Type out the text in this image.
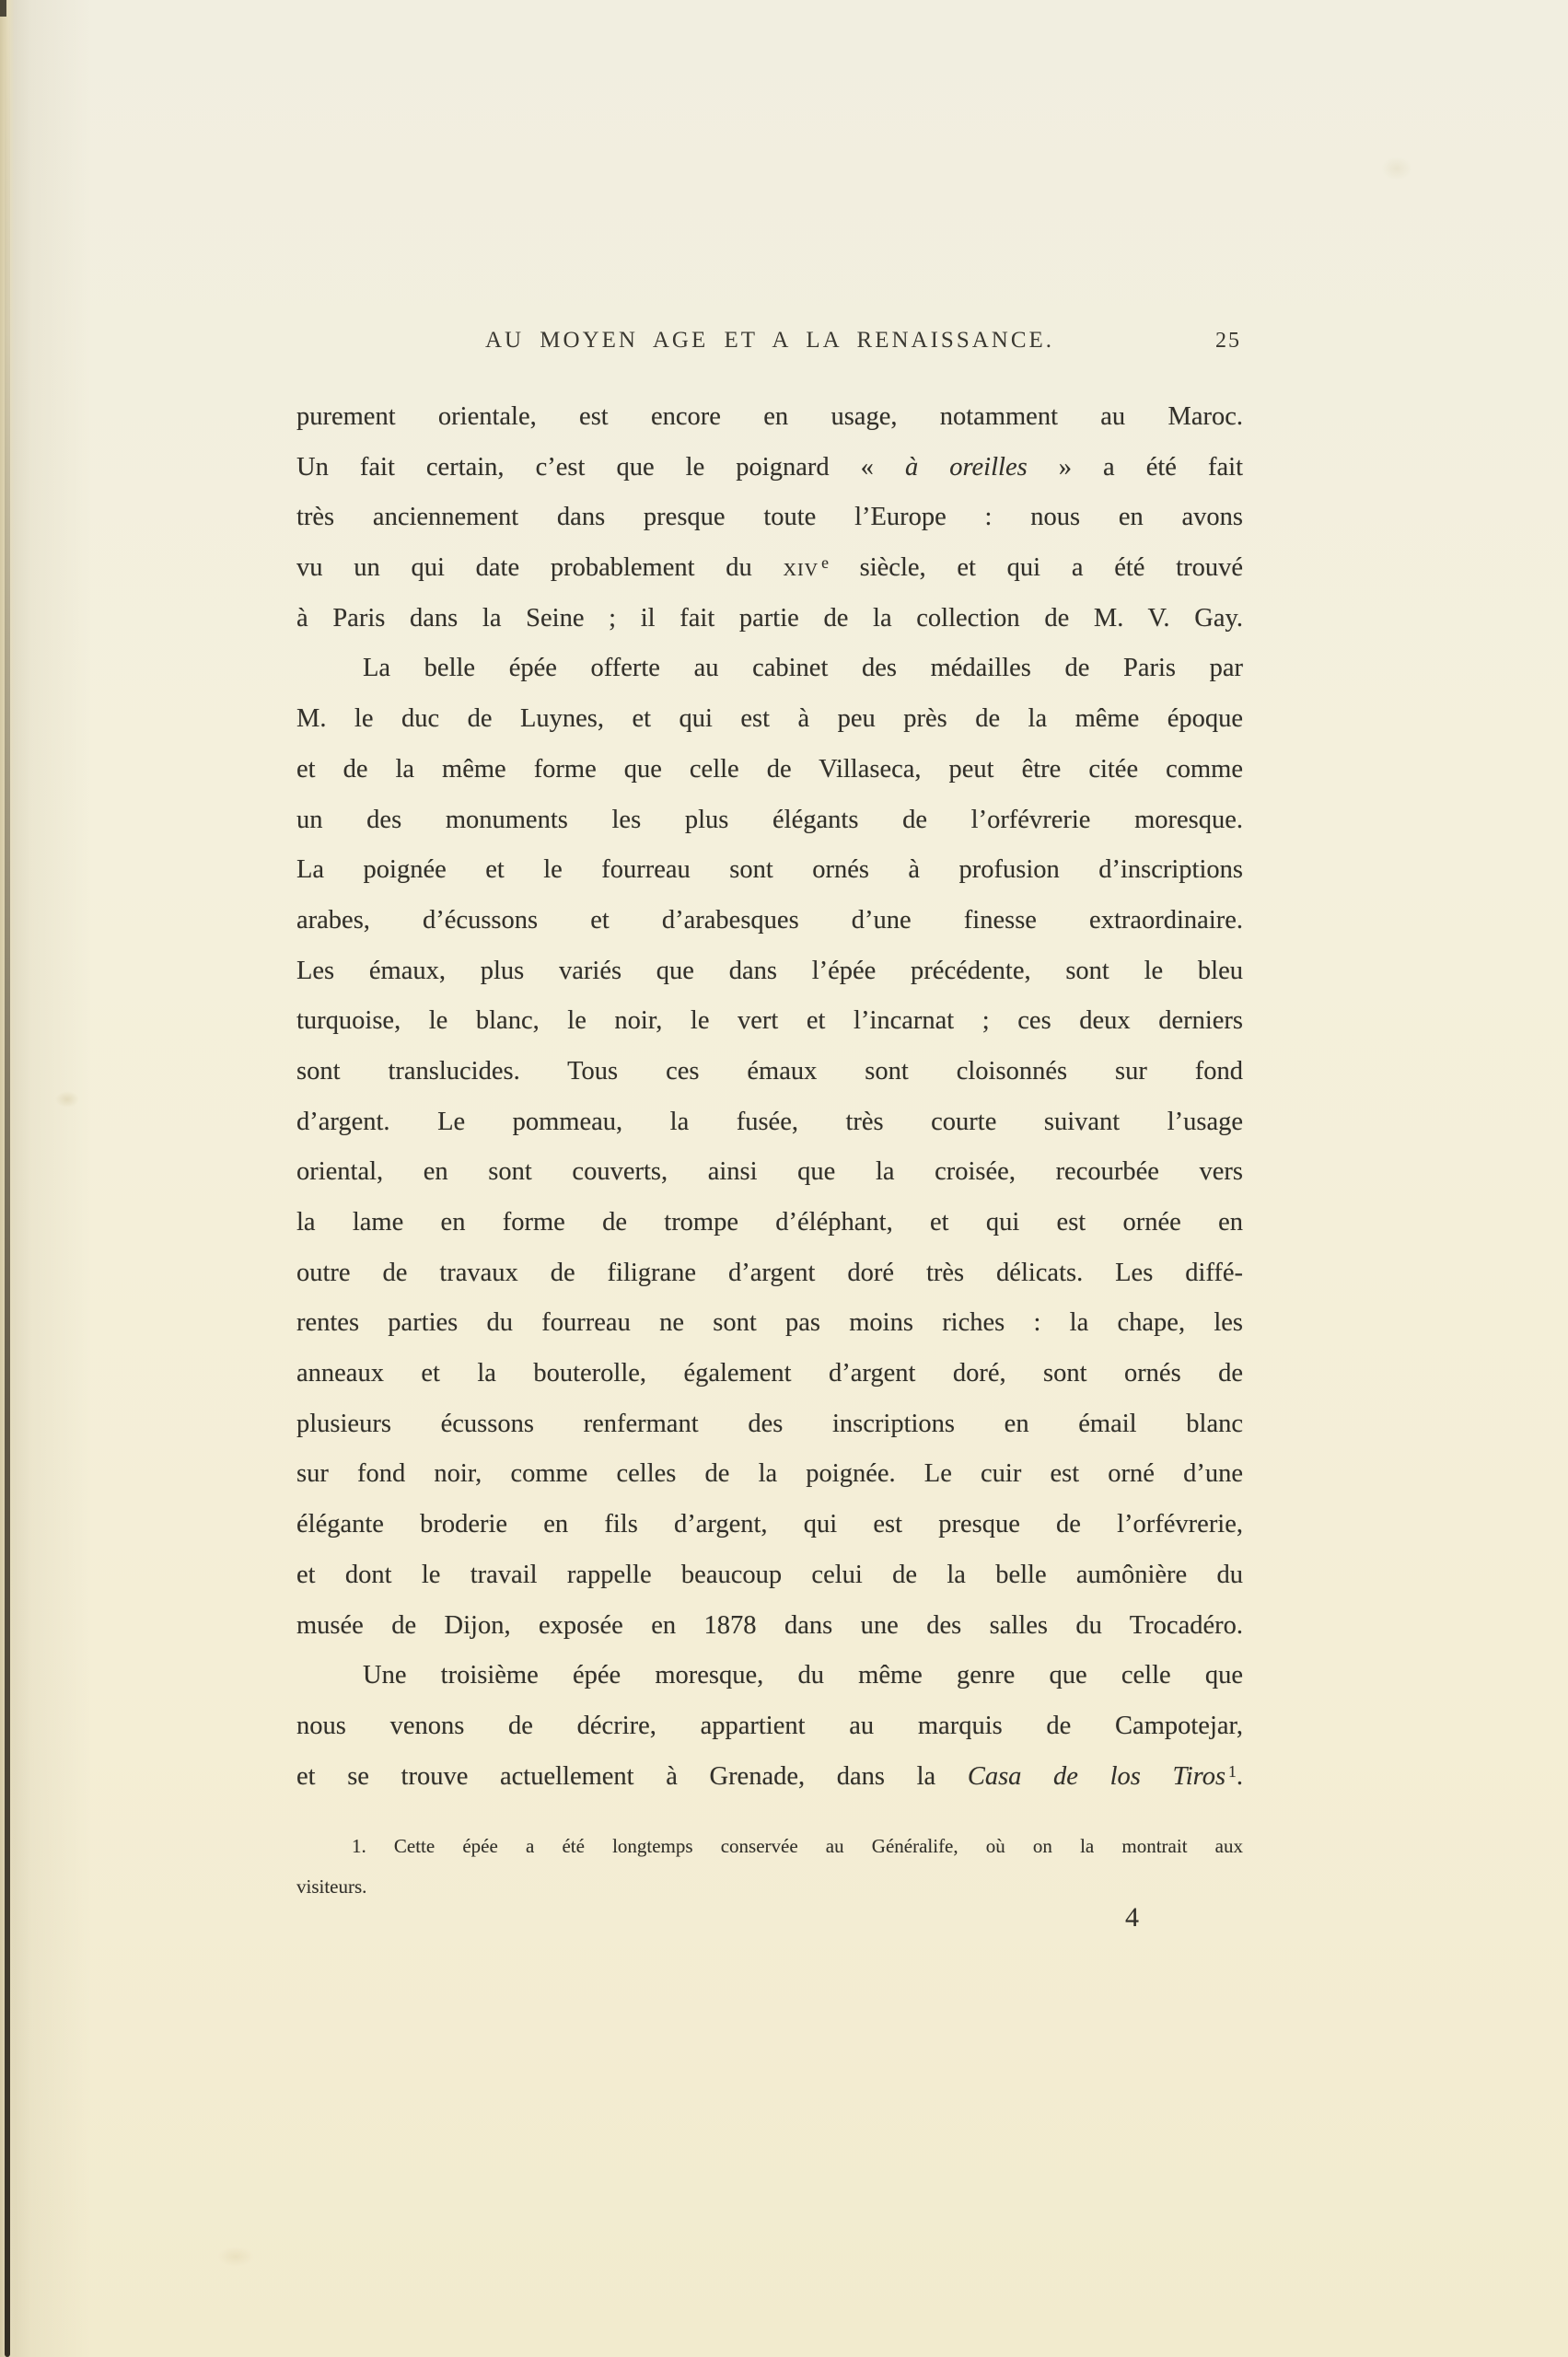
AU MOYEN AGE ET A LA RENAISSANCE.	25
purement orientale, est encore en usage, notamment au Maroc.
Un fait certain, c’est que le poignard « à oreilles » a été fait
très anciennement dans presque toute l’Europe : nous en avons
vu un qui date probablement du xiv $^e$ siècle, et qui a été trouvé
à Paris dans la Seine ; il fait partie de la collection de M. V. Gay.
La belle épée offerte au cabinet des médailles de Paris par
M. le duc de Luynes, et qui est à peu près de la même époque
et de la même forme que celle de Villaseca, peut être citée comme
un des monuments les plus élégants de l’orfévrerie moresque.
La poignée et le fourreau sont ornés à profusion d’inscriptions
arabes, d’écussons et d’arabesques d’une finesse extraordinaire.
Les émaux, plus variés que dans l’épée précédente, sont le bleu
turquoise, le blanc, le noir, le vert et l’incarnat ; ces deux derniers
sont translucides. Tous ces émaux sont cloisonnés sur fond
d’argent. Le pommeau, la fusée, très courte suivant l’usage
oriental, en sont couverts, ainsi que la croisée, recourbée vers
la lame en forme de trompe d’éléphant, et qui est ornée en
outre de travaux de filigrane d’argent doré très délicats. Les diffé-
rentes parties du fourreau ne sont pas moins riches : la chape, les
anneaux et la bouterolle, également d’argent doré, sont ornés de
plusieurs écussons renfermant des inscriptions en émail blanc
sur fond noir, comme celles de la poignée. Le cuir est orné d’une
élégante broderie en fils d’argent, qui est presque de l’orfévrerie,
et dont le travail rappelle beaucoup celui de la belle aumônière du
musée de Dijon, exposée en 1878 dans une des salles du Trocadéro.
Une troisième épée moresque, du même genre que celle que
nous venons de décrire, appartient au marquis de Campotejar,
et se trouve actuellement à Grenade, dans la Casa de los Tiros $^1$.
1. Cette épée a été longtemps conservée au Généralife, où on la montrait aux
visiteurs.
4
